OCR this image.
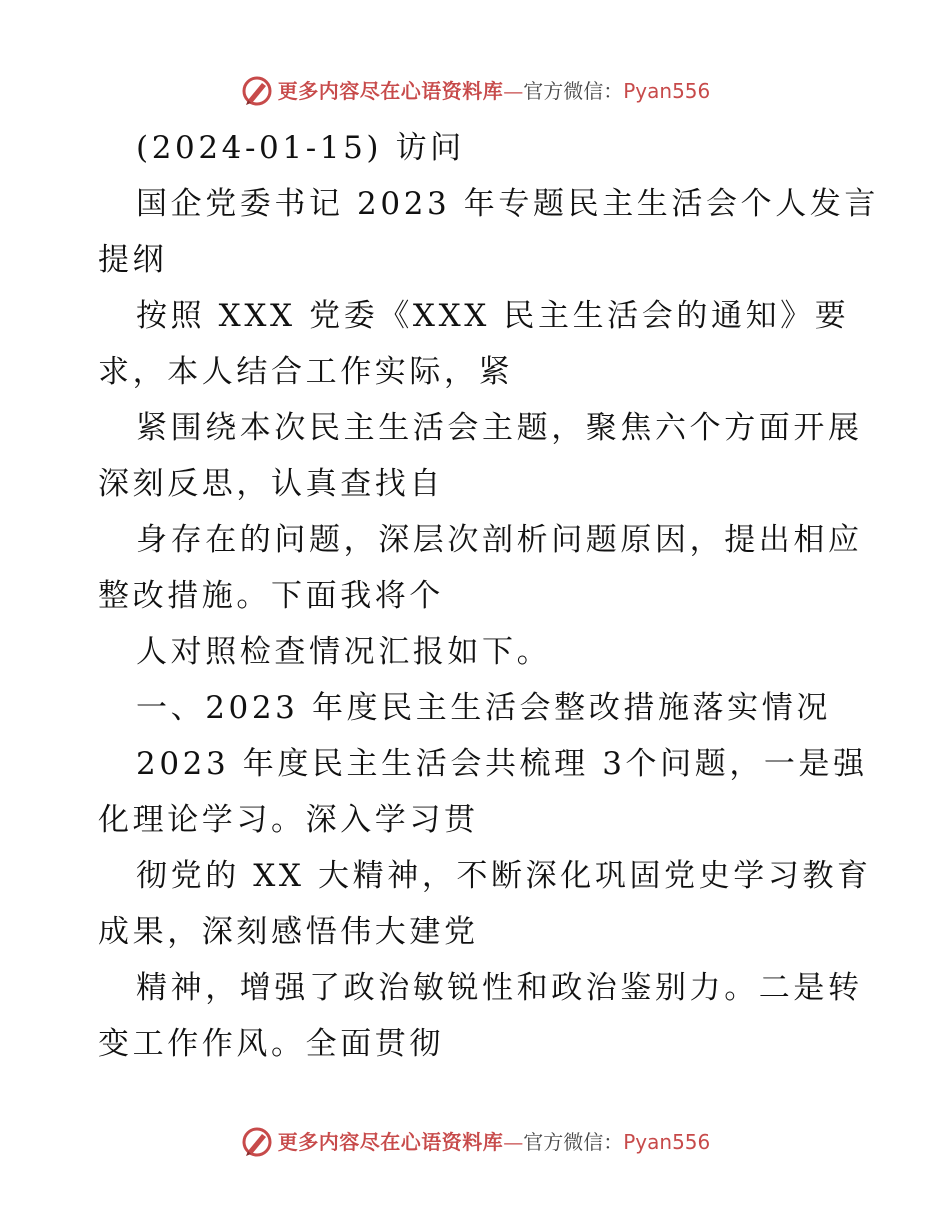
更多内容尽在心语资料库 — 官方微信： Pyan556
(2024-01-15) 访问
国企党委书记 2023 年专题民主生活会个人发言
提纲
按照 XXX 党委《XXX 民主生活会的通知》要
求，本人结合工作实际，紧
紧围绕本次民主生活会主题，聚焦六个方面开展
深刻反思，认真查找自
身存在的问题，深层次剖析问题原因，提出相应
整改措施。下面我将个
人对照检查情况汇报如下。
一、2023 年度民主生活会整改措施落实情况
2023 年度民主生活会共梳理 3个问题，一是强
化理论学习。深入学习贯
彻党的 XX 大精神，不断深化巩固党史学习教育
成果，深刻感悟伟大建党
精神，增强了政治敏锐性和政治鉴别力。二是转
变工作作风。全面贯彻
更多内容尽在心语资料库 — 官方微信： Pyan556
